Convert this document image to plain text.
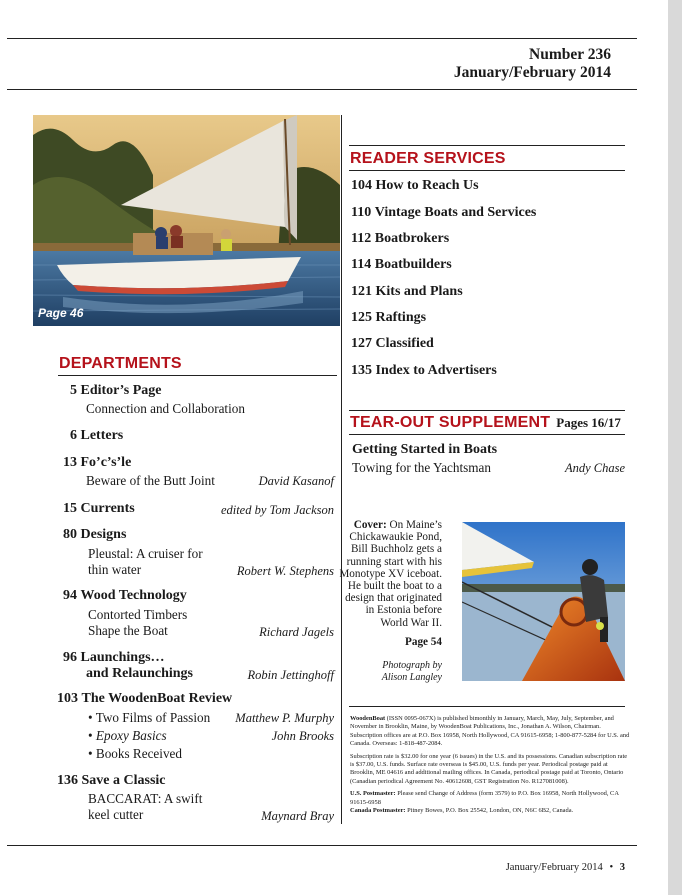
Number 236
January/February 2014
Page 46
DEPARTMENTS
5 Editor’s Page
Connection and Collaboration
6 Letters
13 Fo’c’s’le
Beware of the Butt Joint	David Kasanof
15 Currents	edited by Tom Jackson
80 Designs
Pleustal: A cruiser for
thin water	Robert W. Stephens
94 Wood Technology
Contorted Timbers
Shape the Boat	Richard Jagels
96 Launchings…
and Relaunchings	Robin Jettinghoff
103 The WoodenBoat Review
• Two Films of Passion Matthew P. Murphy
• Epoxy Basics	John Brooks
• Books Received
136 Save a Classic
BACCARAT: A swift
keel cutter	Maynard Bray
READER SERVICES
104 How to Reach Us
110 Vintage Boats and Services
112 Boatbrokers
114 Boatbuilders
121 Kits and Plans
125 Raftings
127 Classified
135 Index to Advertisers
TEAR-OUT SUPPLEMENT Pages 16/17
Getting Started in Boats
Towing for the Yachtsman	Andy Chase
Cover: On Maine’s
Chickawaukie Pond,
Bill Buchholz gets a
running start with his
Monotype XV iceboat.
He built the boat to a
design that originated
in Estonia before
World War II.
Page 54
Photograph by
Alison Langley
WoodenBoat (ISSN 0095-067X) is published bimonthly in January, March, May, July, September, and November in Brooklin, Maine, by WoodenBoat Publications, Inc., Jonathan A. Wilson, Chairman. Subscription offices are at P.O. Box 16958, North Hollywood, CA 91615-6958; 1-800-877-5284 for U.S. and Canada. Overseas: 1-818-487-2084.
Subscription rate is $32.00 for one year (6 issues) in the U.S. and its possessions. Canadian subscription rate is $37.00, U.S. funds. Surface rate overseas is $45.00, U.S. funds per year. Periodical postage paid at Brooklin, ME 04616 and additional mailing offices. In Canada, periodical postage paid at Toronto, Ontario (Canadian periodical Agreement No. 40612608, GST Registration No. R127081008).
U.S. Postmaster: Please send Change of Address (form 3579) to P.O. Box 16958, North Hollywood, CA 91615-6958
Canada Postmaster: Pitney Bowes, P.O. Box 25542, London, ON, N6C 6B2, Canada.
January/February 2014 • 3
